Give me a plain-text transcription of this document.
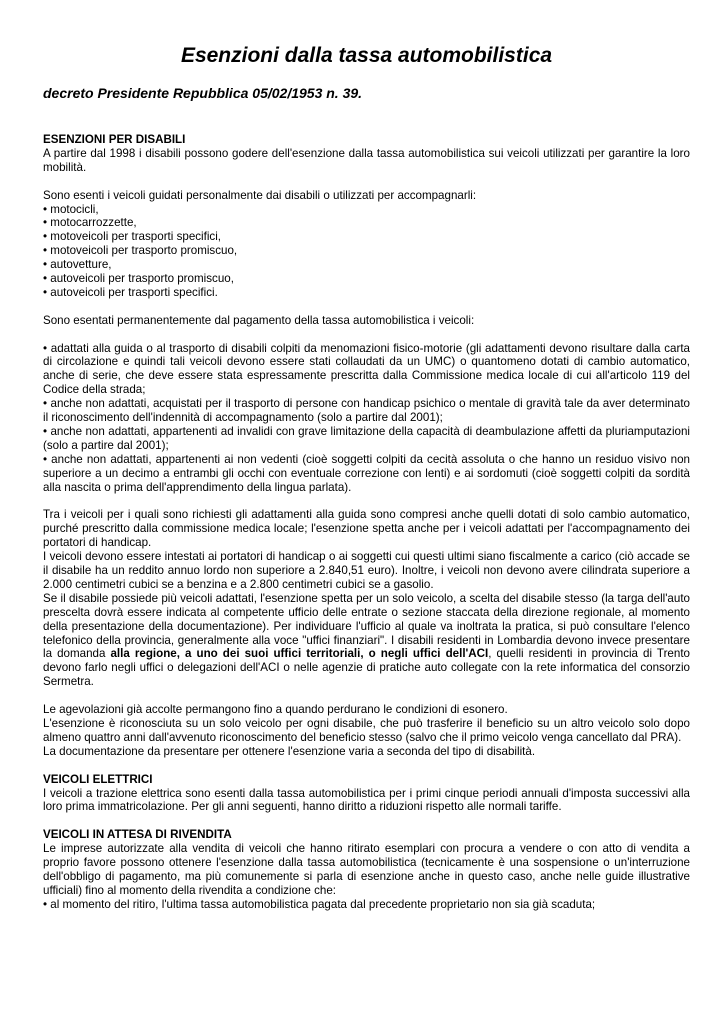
Esenzioni dalla tassa automobilistica
decreto Presidente Repubblica 05/02/1953 n. 39.

ESENZIONI PER DISABILI

A partire dal 1998 i disabili possono godere dell'esenzione dalla tassa automobilistica sui veicoli utilizzati per garantire la loro mobilità.

Sono esenti i veicoli guidati personalmente dai disabili o utilizzati per accompagnarli:

• motocicli,
• motocarrozzette,
• motoveicoli per trasporti specifici,
• motoveicoli per trasporto promiscuo,
• autovetture,
• autoveicoli per trasporto promiscuo,
• autoveicoli per trasporti specifici.

Sono esentati permanentemente dal pagamento della tassa automobilistica i veicoli:

• adattati alla guida o al trasporto di disabili colpiti da menomazioni fisico-motorie (gli adattamenti devono risultare dalla carta di circolazione e quindi tali veicoli devono essere stati collaudati da un UMC) o quantomeno dotati di cambio automatico, anche di serie, che deve essere stata espressamente prescritta dalla Commissione medica locale di cui all'articolo 119 del Codice della strada;
• anche non adattati, acquistati per il trasporto di persone con handicap psichico o mentale di gravità tale da aver determinato il riconoscimento dell'indennità di accompagnamento (solo a partire dal 2001);
• anche non adattati, appartenenti ad invalidi con grave limitazione della capacità di deambulazione affetti da pluriamputazioni (solo a partire dal 2001);
• anche non adattati, appartenenti ai non vedenti (cioè soggetti colpiti da cecità assoluta o che hanno un residuo visivo non superiore a un decimo a entrambi gli occhi con eventuale correzione con lenti) e ai sordomuti (cioè soggetti colpiti da sordità alla nascita o prima dell'apprendimento della lingua parlata).

Tra i veicoli per i quali sono richiesti gli adattamenti alla guida sono compresi anche quelli dotati di solo cambio automatico, purché prescritto dalla commissione medica locale; l'esenzione spetta anche per i veicoli adattati per l'accompagnamento dei portatori di handicap.

I veicoli devono essere intestati ai portatori di handicap o ai soggetti cui questi ultimi siano fiscalmente a carico (ciò accade se il disabile ha un reddito annuo lordo non superiore a 2.840,51 euro). Inoltre, i veicoli non devono avere cilindrata superiore a 2.000 centimetri cubici se a benzina e a 2.800 centimetri cubici se a gasolio.

Se il disabile possiede più veicoli adattati, l'esenzione spetta per un solo veicolo, a scelta del disabile stesso (la targa dell'auto prescelta dovrà essere indicata al competente ufficio delle entrate o sezione staccata della direzione regionale, al momento della presentazione della documentazione). Per individuare l'ufficio al quale va inoltrata la pratica, si può consultare l'elenco telefonico della provincia, generalmente alla voce "uffici finanziari". I disabili residenti in Lombardia devono invece presentare la domanda alla regione, a uno dei suoi uffici territoriali, o negli uffici dell'ACI, quelli residenti in provincia di Trento devono farlo negli uffici o delegazioni dell'ACI o nelle agenzie di pratiche auto collegate con la rete informatica del consorzio Sermetra.

Le agevolazioni già accolte permangono fino a quando perdurano le condizioni di esonero.

L'esenzione è riconosciuta su un solo veicolo per ogni disabile, che può trasferire il beneficio su un altro veicolo solo dopo almeno quattro anni dall'avvenuto riconoscimento del beneficio stesso (salvo che il primo veicolo venga cancellato dal PRA).

La documentazione da presentare per ottenere l'esenzione varia a seconda del tipo di disabilità.

VEICOLI ELETTRICI

I veicoli a trazione elettrica sono esenti dalla tassa automobilistica per i primi cinque periodi annuali d'imposta successivi alla loro prima immatricolazione. Per gli anni seguenti, hanno diritto a riduzioni rispetto alle normali tariffe.

VEICOLI IN ATTESA DI RIVENDITA

Le imprese autorizzate alla vendita di veicoli che hanno ritirato esemplari con procura a vendere o con atto di vendita a proprio favore possono ottenere l'esenzione dalla tassa automobilistica (tecnicamente è una sospensione o un'interruzione dell'obbligo di pagamento, ma più comunemente si parla di esenzione anche in questo caso, anche nelle guide illustrative ufficiali) fino al momento della rivendita a condizione che:

• al momento del ritiro, l'ultima tassa automobilistica pagata dal precedente proprietario non sia già scaduta;
